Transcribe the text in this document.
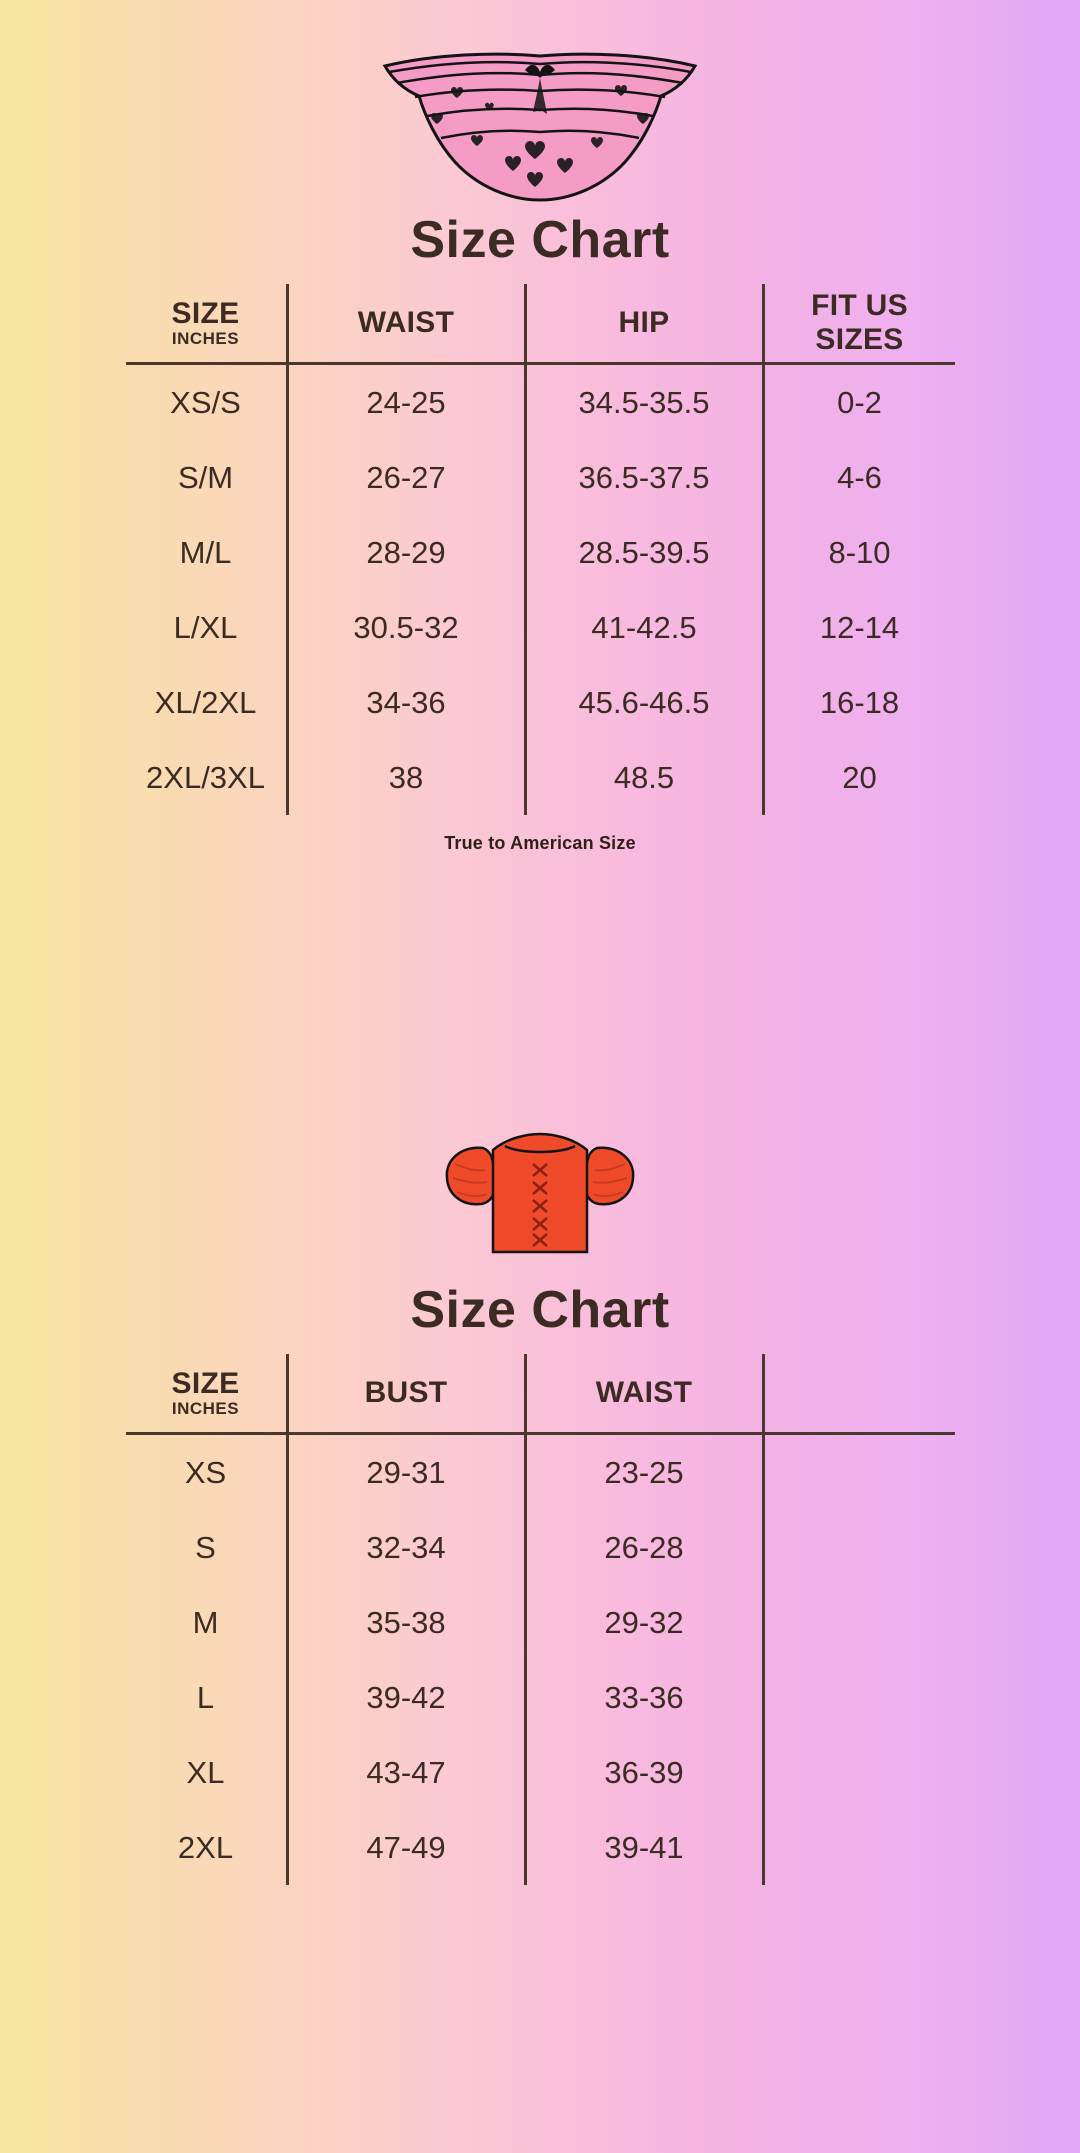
Size Chart
SIZE
INCHES	WAIST	HIP	FIT US SIZES
XS/S	24-25	34.5-35.5	0-2
S/M	26-27	36.5-37.5	4-6
M/L	28-29	28.5-39.5	8-10
L/XL	30.5-32	41-42.5	12-14
XL/2XL	34-36	45.6-46.5	16-18
2XL/3XL	38	48.5	20
True to American Size
Size Chart
SIZE
INCHES	BUST	WAIST	
XS	29-31	23-25	
S	32-34	26-28	
M	35-38	29-32	
L	39-42	33-36	
XL	43-47	36-39	
2XL	47-49	39-41	
